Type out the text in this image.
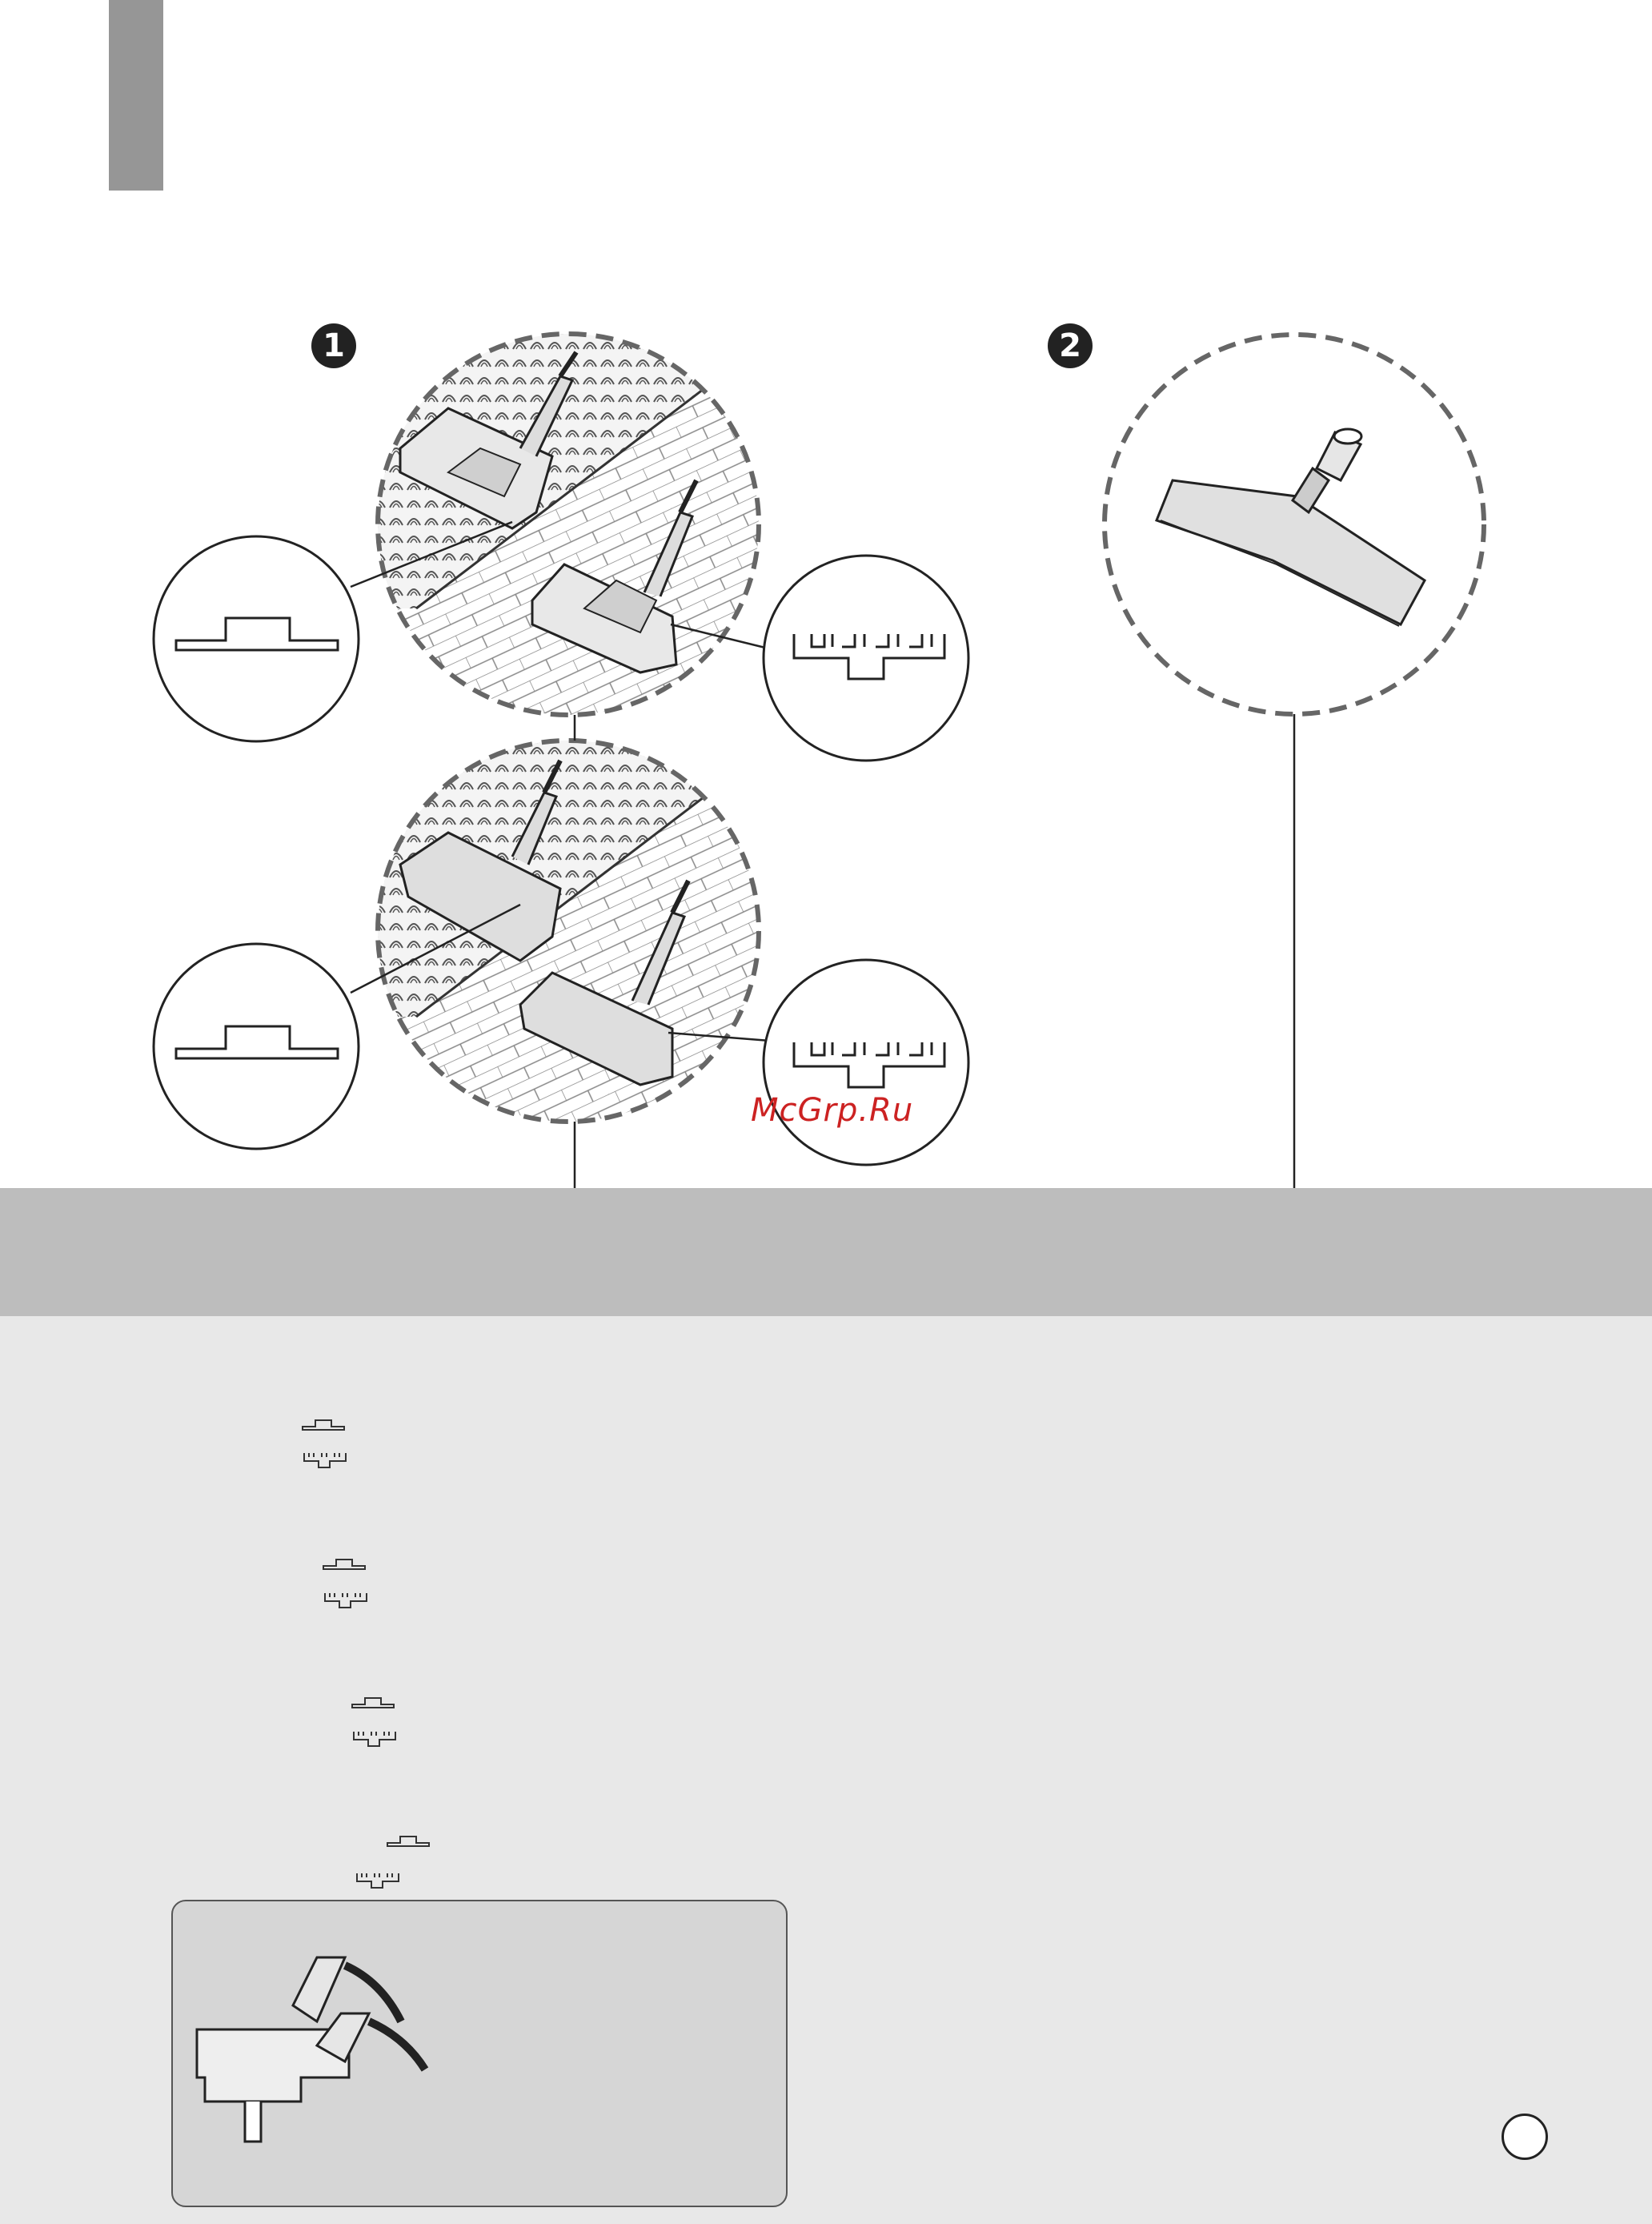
1	2
McGrp.Ru
